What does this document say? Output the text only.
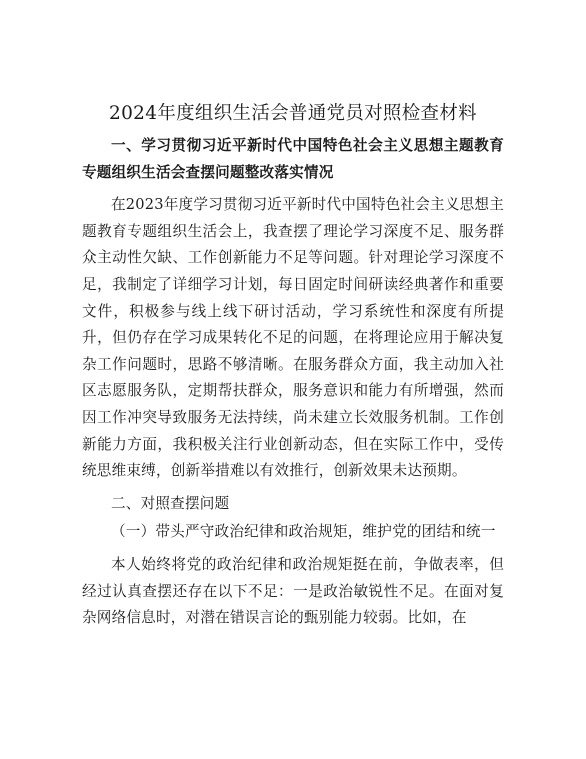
2024年度组织生活会普通党员对照检查材料

一、学习贯彻习近平新时代中国特色社会主义思想主题教育专题组织生活会查摆问题整改落实情况

在2023年度学习贯彻习近平新时代中国特色社会主义思想主题教育专题组织生活会上，我查摆了理论学习深度不足、服务群众主动性欠缺、工作创新能力不足等问题。针对理论学习深度不足，我制定了详细学习计划，每日固定时间研读经典著作和重要文件，积极参与线上线下研讨活动，学习系统性和深度有所提升，但仍存在学习成果转化不足的问题，在将理论应用于解决复杂工作问题时，思路不够清晰。在服务群众方面，我主动加入社区志愿服务队，定期帮扶群众，服务意识和能力有所增强，然而因工作冲突导致服务无法持续，尚未建立长效服务机制。工作创新能力方面，我积极关注行业创新动态，但在实际工作中，受传统思维束缚，创新举措难以有效推行，创新效果未达预期。

二、对照查摆问题

（一）带头严守政治纪律和政治规矩，维护党的团结和统一

本人始终将党的政治纪律和政治规矩挺在前，争做表率，但经过认真查摆还存在以下不足：一是政治敏锐性不足。在面对复杂网络信息时，对潜在错误言论的甄别能力较弱。比如，在
